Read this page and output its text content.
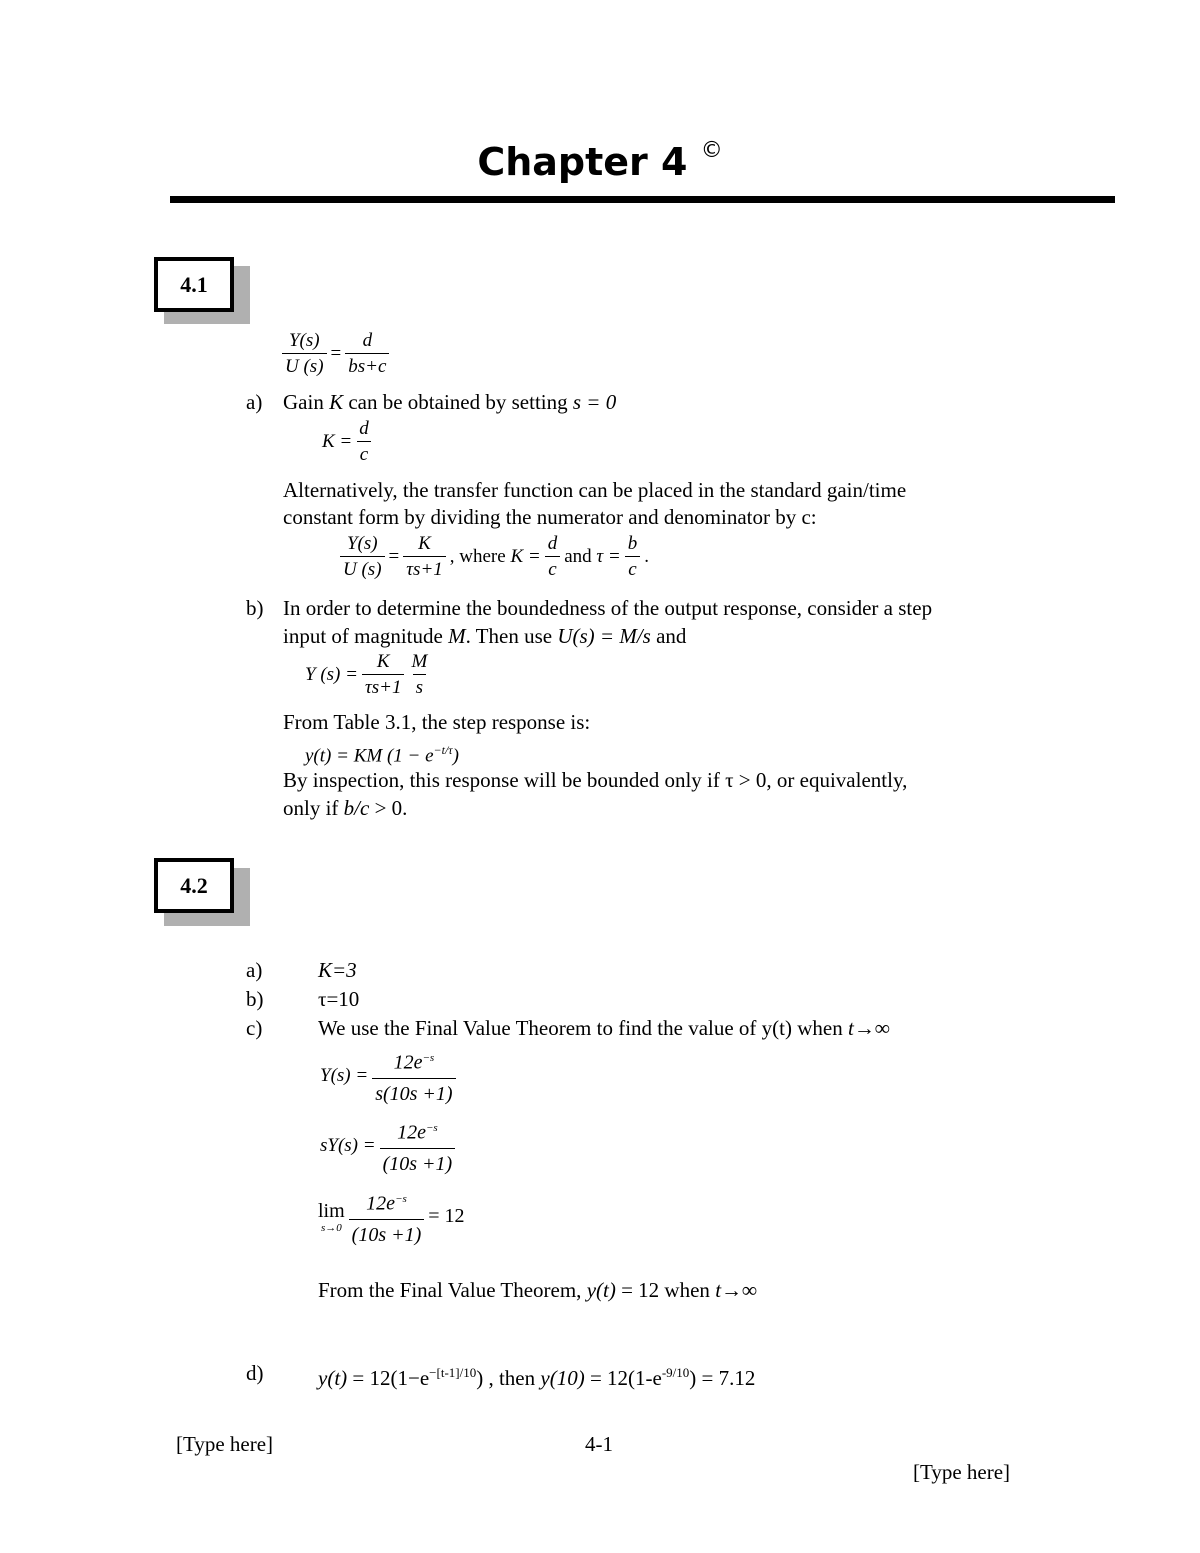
Chapter 4 ©
4.1
$\frac{Y(s)}{U (s)} = \frac{d}{bs+c}$
a) Gain K can be obtained by setting s = 0
$K = \frac{d}{c}$
Alternatively, the transfer function can be placed in the standard gain/time
constant form by dividing the numerator and denominator by c:
$\frac{Y(s)}{U (s)} = \frac{K}{\tau s+1}$ , where
$K = \frac{d}{c}$ and
$\tau = \frac{b}{c}$ .
b) In order to determine the boundedness of the output response, consider a step
input of magnitude M. Then use U(s) = M/s and
Y $(s) = \frac{K}{\tau s+1} \frac{M}{s}$
From Table 3.1, the step response is:
y(t) = KM $(1 - e^{-t/\tau})$
By inspection, this response will be bounded only if τ > 0, or equivalently,
only if b/c > 0.
4.2
a)	K=3
b)	τ=10
c)	We use the Final Value Theorem to find the value of y(t) when t→∞
$Y(s) = \frac{12e^{-s}}{s(10s +1)}$
$sY(s) = \frac{12e^{-s}}{(10s +1)}$
lim
$s\to 0 \frac{12e^{-s}}{(10s +1)} = 12$
From the Final Value Theorem, y(t) = 12 when t→∞
d)	$y(t) = 12(1-e^{-[t-1]/10})$ , then $y(10) = 12(1-e^{-9/10}) = 7.12$
[Type here]	4-1
[Type here]
